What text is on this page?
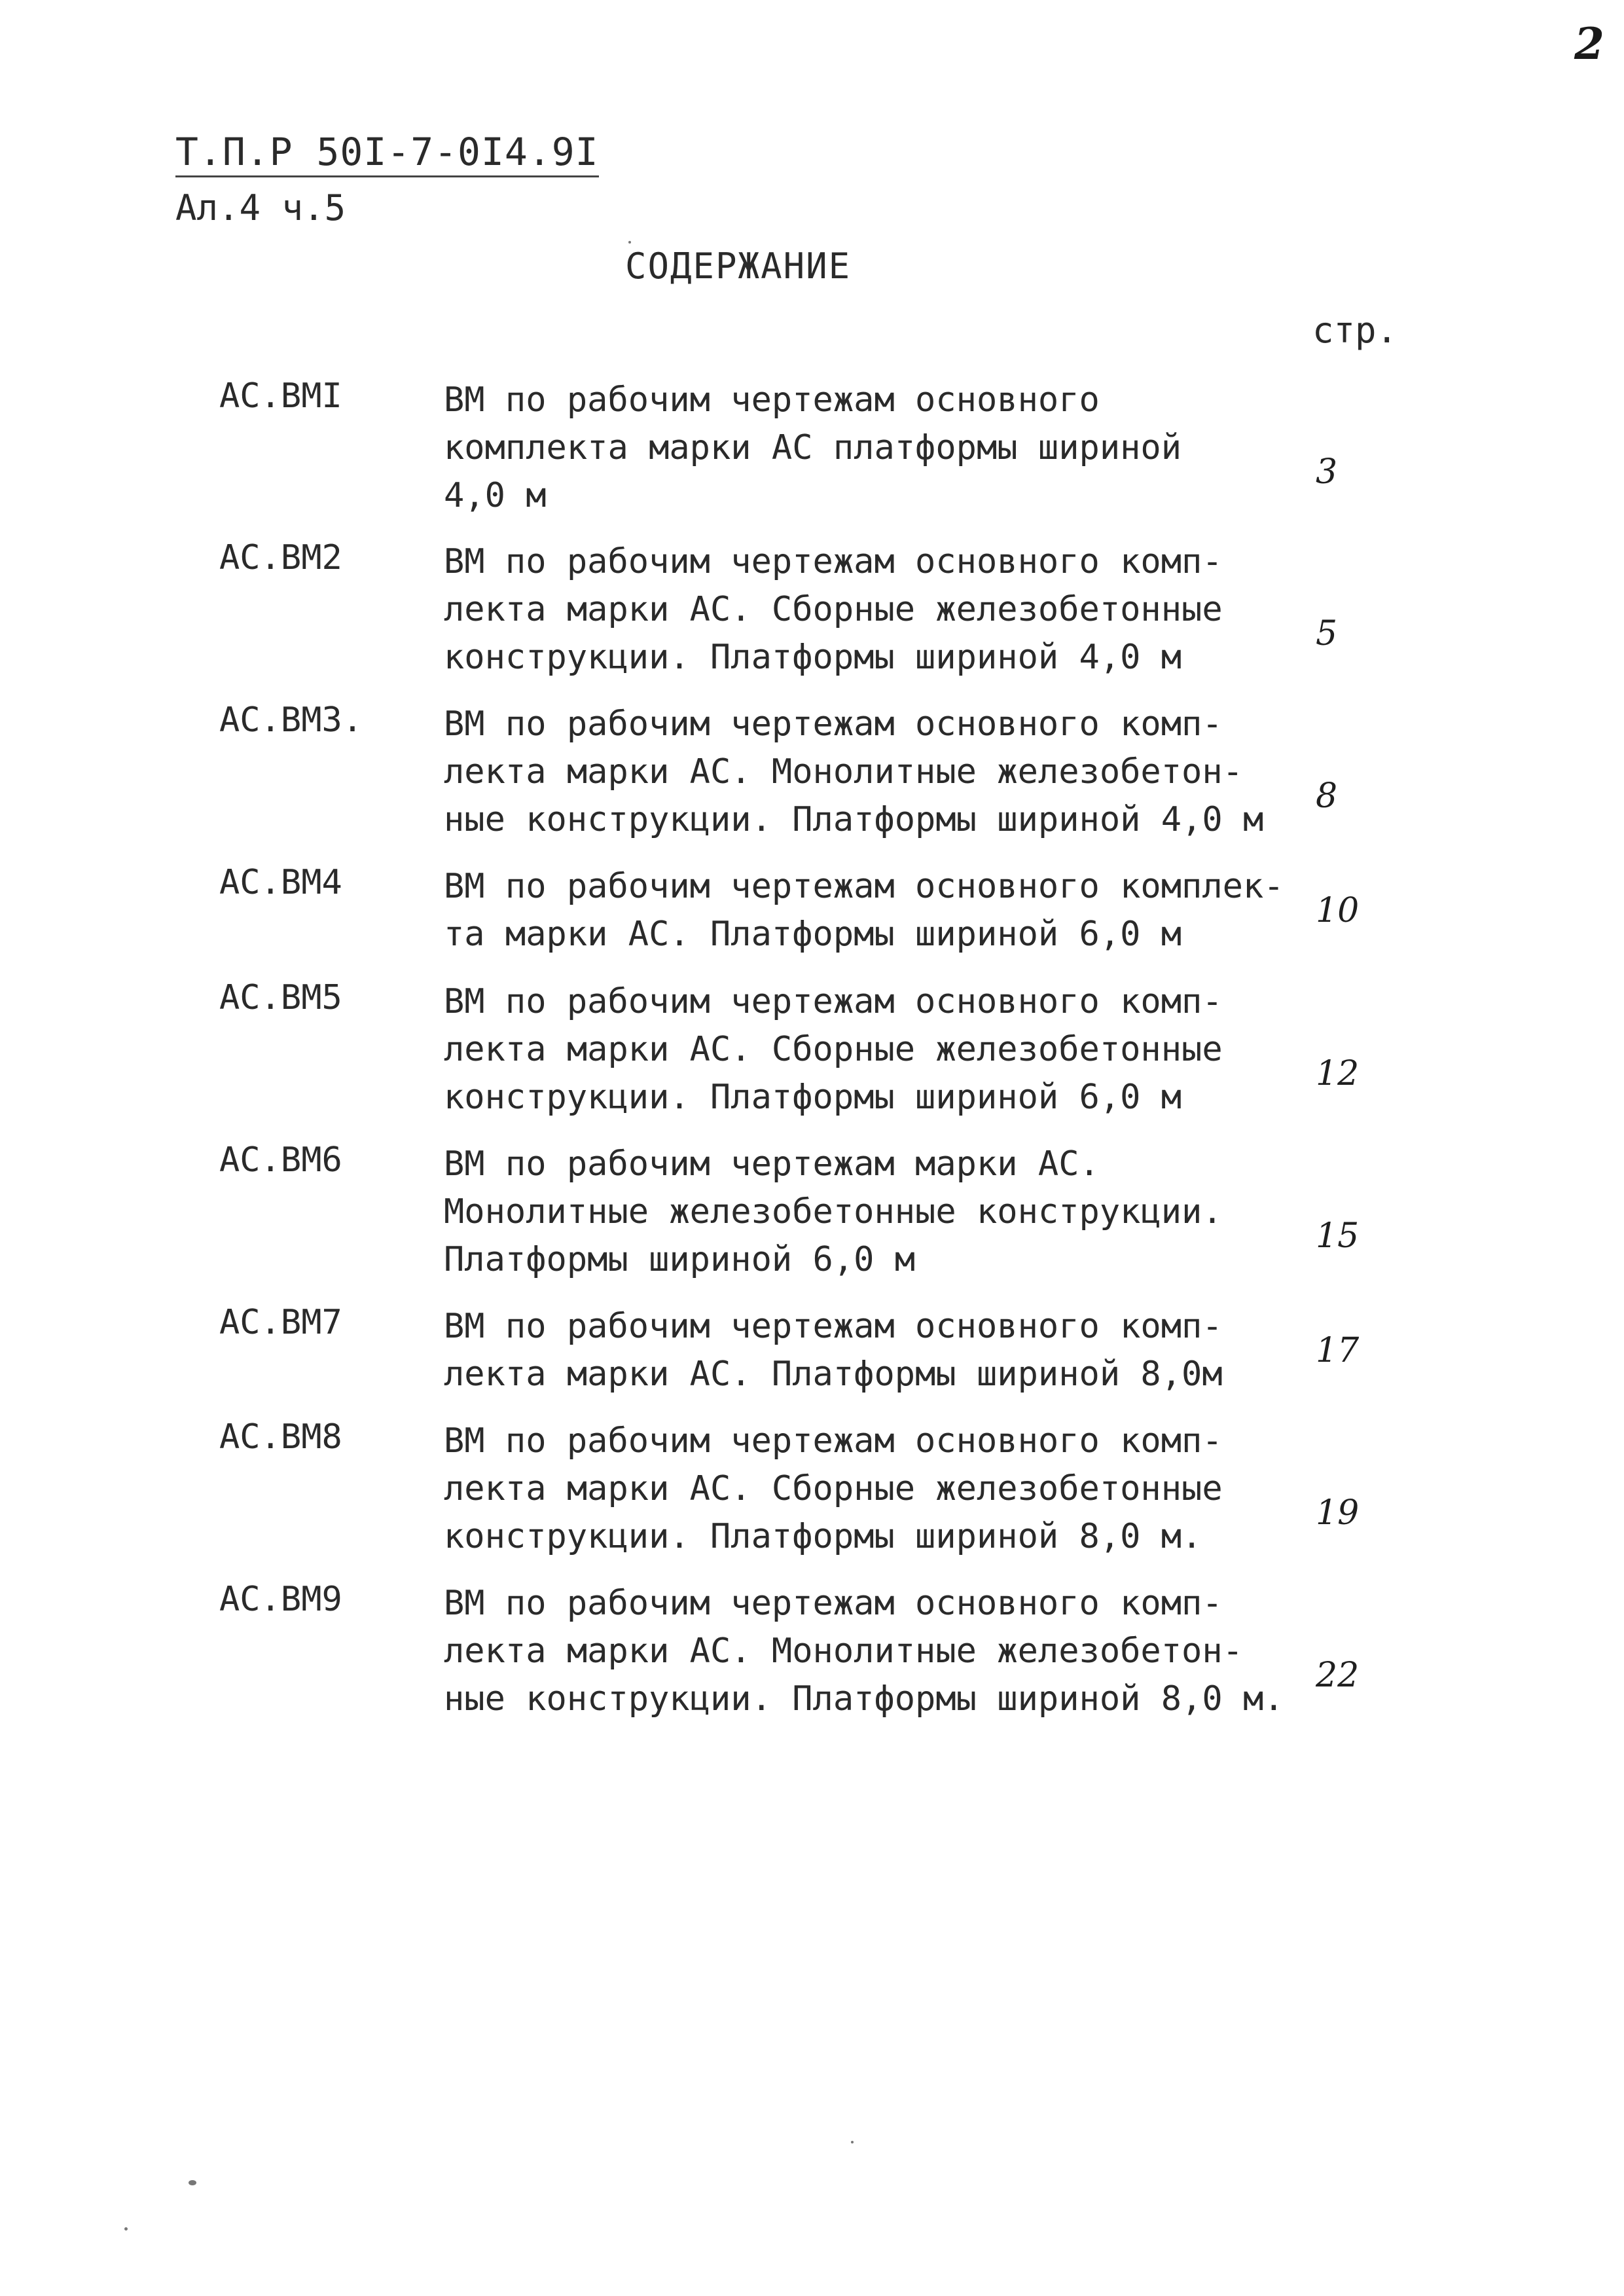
2
Т.П.Р 50I-7-0I4.9I
Ал.4 ч.5
СОДЕРЖАНИЕ
стр.
АС.ВМI	ВМ по рабочим чертежам основного
комплекта марки АС платформы шириной
4,0 м
3
АС.ВМ2	ВМ по рабочим чертежам основного комп-
лекта марки АС. Сборные железобетонные
конструкции. Платформы шириной 4,0 м
5
АС.ВМ3. ВМ по рабочим чертежам основного комп-
лекта марки АС. Монолитные железобетон-
ные конструкции. Платформы шириной 4,0 м
8
АС.ВМ4	ВМ по рабочим чертежам основного комплек-
та марки АС. Платформы шириной 6,0 м
10
АС.ВМ5	ВМ по рабочим чертежам основного комп-
лекта марки АС. Сборные железобетонные
конструкции. Платформы шириной 6,0 м
12
АС.ВМ6	ВМ по рабочим чертежам марки АС.
Монолитные железобетонные конструкции.
Платформы шириной 6,0 м
15
АС.ВМ7	ВМ по рабочим чертежам основного комп-
лекта марки АС. Платформы шириной 8,0м
17
АС.ВМ8	ВМ по рабочим чертежам основного комп-
лекта марки АС. Сборные железобетонные
конструкции. Платформы шириной 8,0 м.
19
АС.ВМ9	ВМ по рабочим чертежам основного комп-
лекта марки АС. Монолитные железобетон-
ные конструкции. Платформы шириной 8,0 м.
22
